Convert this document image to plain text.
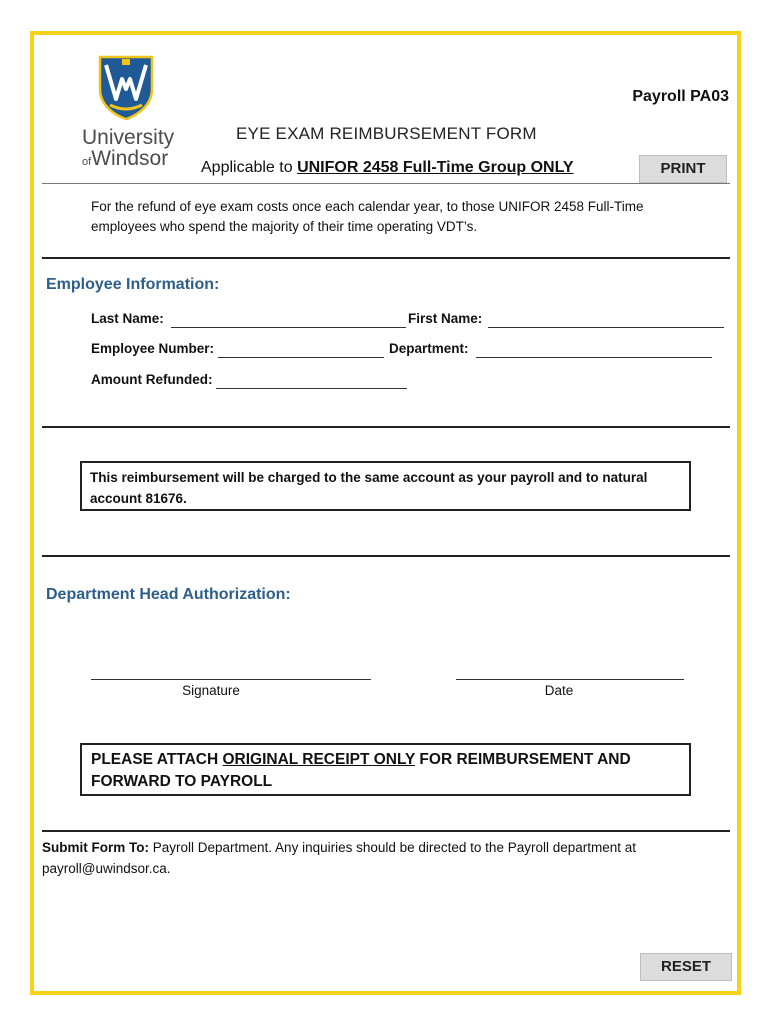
University
ofWindsor
Payroll PA03
EYE EXAM REIMBURSEMENT FORM
Applicable to UNIFOR 2458 Full-Time Group ONLY	PRINT
For the refund of eye exam costs once each calendar year, to those UNIFOR 2458 Full-Time employees who spend the majority of their time operating VDT’s.
Employee Information:
Last Name:	First Name:
Employee Number:	Department:
Amount Refunded:
This reimbursement will be charged to the same account as your payroll and to natural account 81676.
Department Head Authorization:
Signature	Date
PLEASE ATTACH ORIGINAL RECEIPT ONLY FOR REIMBURSEMENT AND FORWARD TO PAYROLL
Submit Form To: Payroll Department. Any inquiries should be directed to the Payroll department at payroll@uwindsor.ca.
RESET
